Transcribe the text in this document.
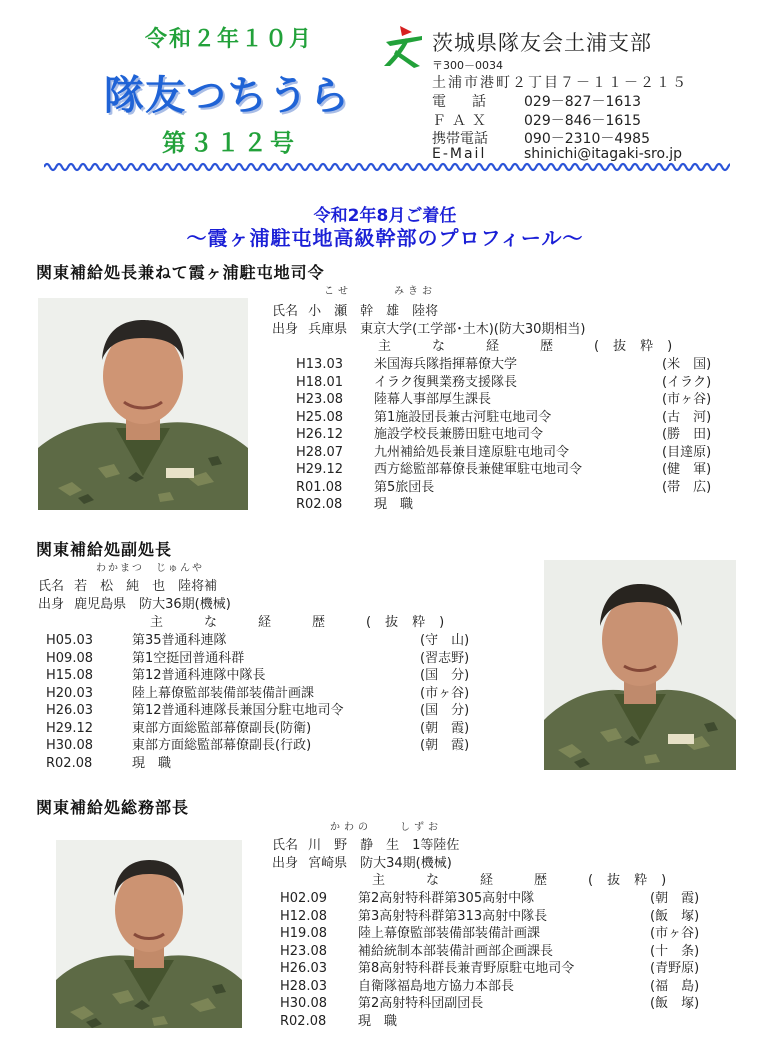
令和２年１０月
隊友つちうら
第３１２号
茨城県隊友会土浦支部
〒300－0034
土浦市港町２丁目７－１１－２１５
電　話 029－827－1613
ＦＡＸ 029－846－1615
携帯電話	090－2310－4985
E-Mail	shinichi@itagaki-sro.jp
令和2年8月ご着任
～霞ヶ浦駐屯地高級幹部のプロフィール～
関東補給処長兼ねて霞ヶ浦駐屯地司令
こせ　　　みきお
氏名 小　瀬　幹　雄　陸将
出身 兵庫県　東京大学(工学部･土木)(防大30期相当)
主　な　経　歴　(抜粋)
H13.03 米国海兵隊指揮幕僚大学	(米　国)
H18.01 イラク復興業務支援隊長	(イラク)
H23.08 陸幕人事部厚生課長	(市ヶ谷)
H25.08 第1施設団長兼古河駐屯地司令	(古　河)
H26.12 施設学校長兼勝田駐屯地司令	(勝　田)
H28.07 九州補給処長兼目達原駐屯地司令	(目達原)
H29.12 西方総監部幕僚長兼健軍駐屯地司令	(健　軍)
R01.08 第5旅団長	(帯　広)
R02.08 現　職
関東補給処副処長
わかまつ　じゅんや
氏名 若　松　純　也　陸将補
出身 鹿児島県　防大36期(機械)
主　な　経　歴　(抜粋)
H05.03	第35普通科連隊	(守　山)
H09.08	第1空挺団普通科群	(習志野)
H15.08	第12普通科連隊中隊長	(国　分)
H20.03	陸上幕僚監部装備部装備計画課	(市ヶ谷)
H26.03	第12普通科連隊長兼国分駐屯地司令	(国　分)
H29.12	東部方面総監部幕僚副長(防衛)	(朝　霞)
H30.08	東部方面総監部幕僚副長(行政)	(朝　霞)
R02.08	現　職
関東補給処総務部長
かわの　　しずお
氏名 川　野　静　生　1等陸佐
出身 宮崎県　防大34期(機械)
主　な　経　歴　(抜粋)
H02.09 第2高射特科群第305高射中隊	(朝　霞)
H12.08 第3高射特科群第313高射中隊長	(飯　塚)
H19.08 陸上幕僚監部装備部装備計画課	(市ヶ谷)
H23.08 補給統制本部装備計画部企画課長	(十　条)
H26.03 第8高射特科群長兼青野原駐屯地司令	(青野原)
H28.03 自衛隊福島地方協力本部長	(福　島)
H30.08 第2高射特科団副団長	(飯　塚)
R02.08 現　職
